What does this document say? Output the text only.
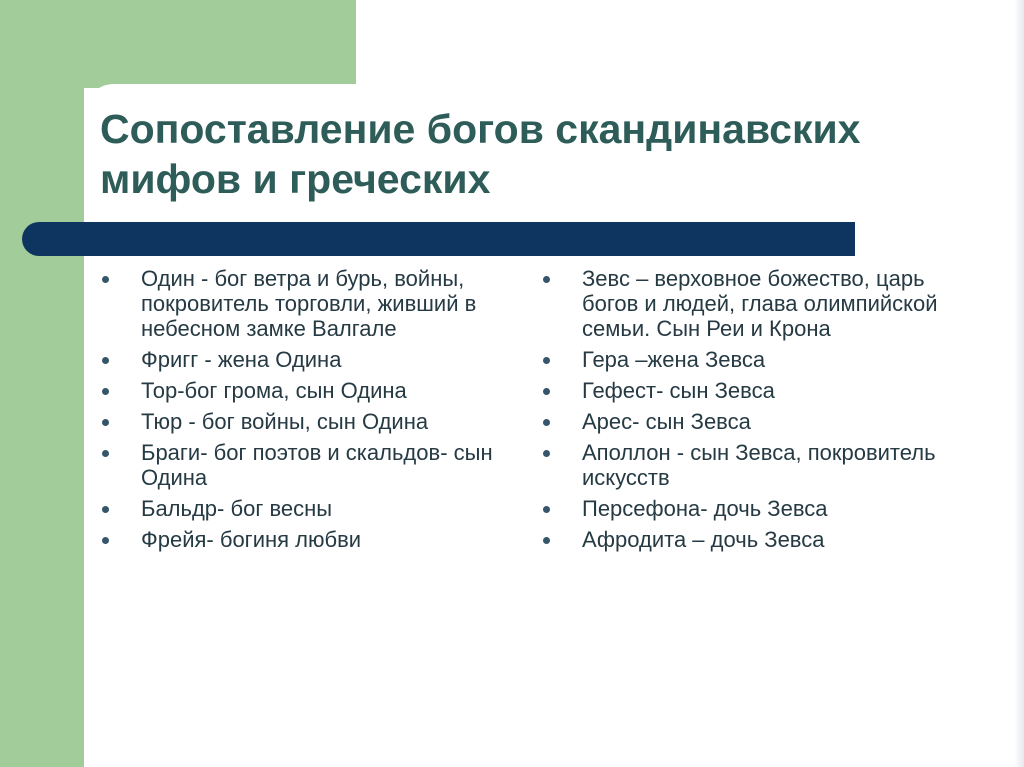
Сопоставление богов скандинавских мифов и греческих
Один - бог ветра и бурь, войны, покровитель торговли, живший в небесном замке Валгале
Фригг - жена Одина
Тор-бог грома, сын Одина
Тюр - бог войны, сын Одина
Браги- бог поэтов и скальдов- сын Одина
Бальдр- бог весны
Фрейя- богиня любви
Зевс – верховное божество, царь богов и людей, глава олимпийской семьи. Сын Реи и Крона
Гера –жена Зевса
Гефест- сын Зевса
Арес- сын Зевса
Аполлон - сын Зевса, покровитель искусств
Персефона- дочь Зевса
Афродита – дочь Зевса
